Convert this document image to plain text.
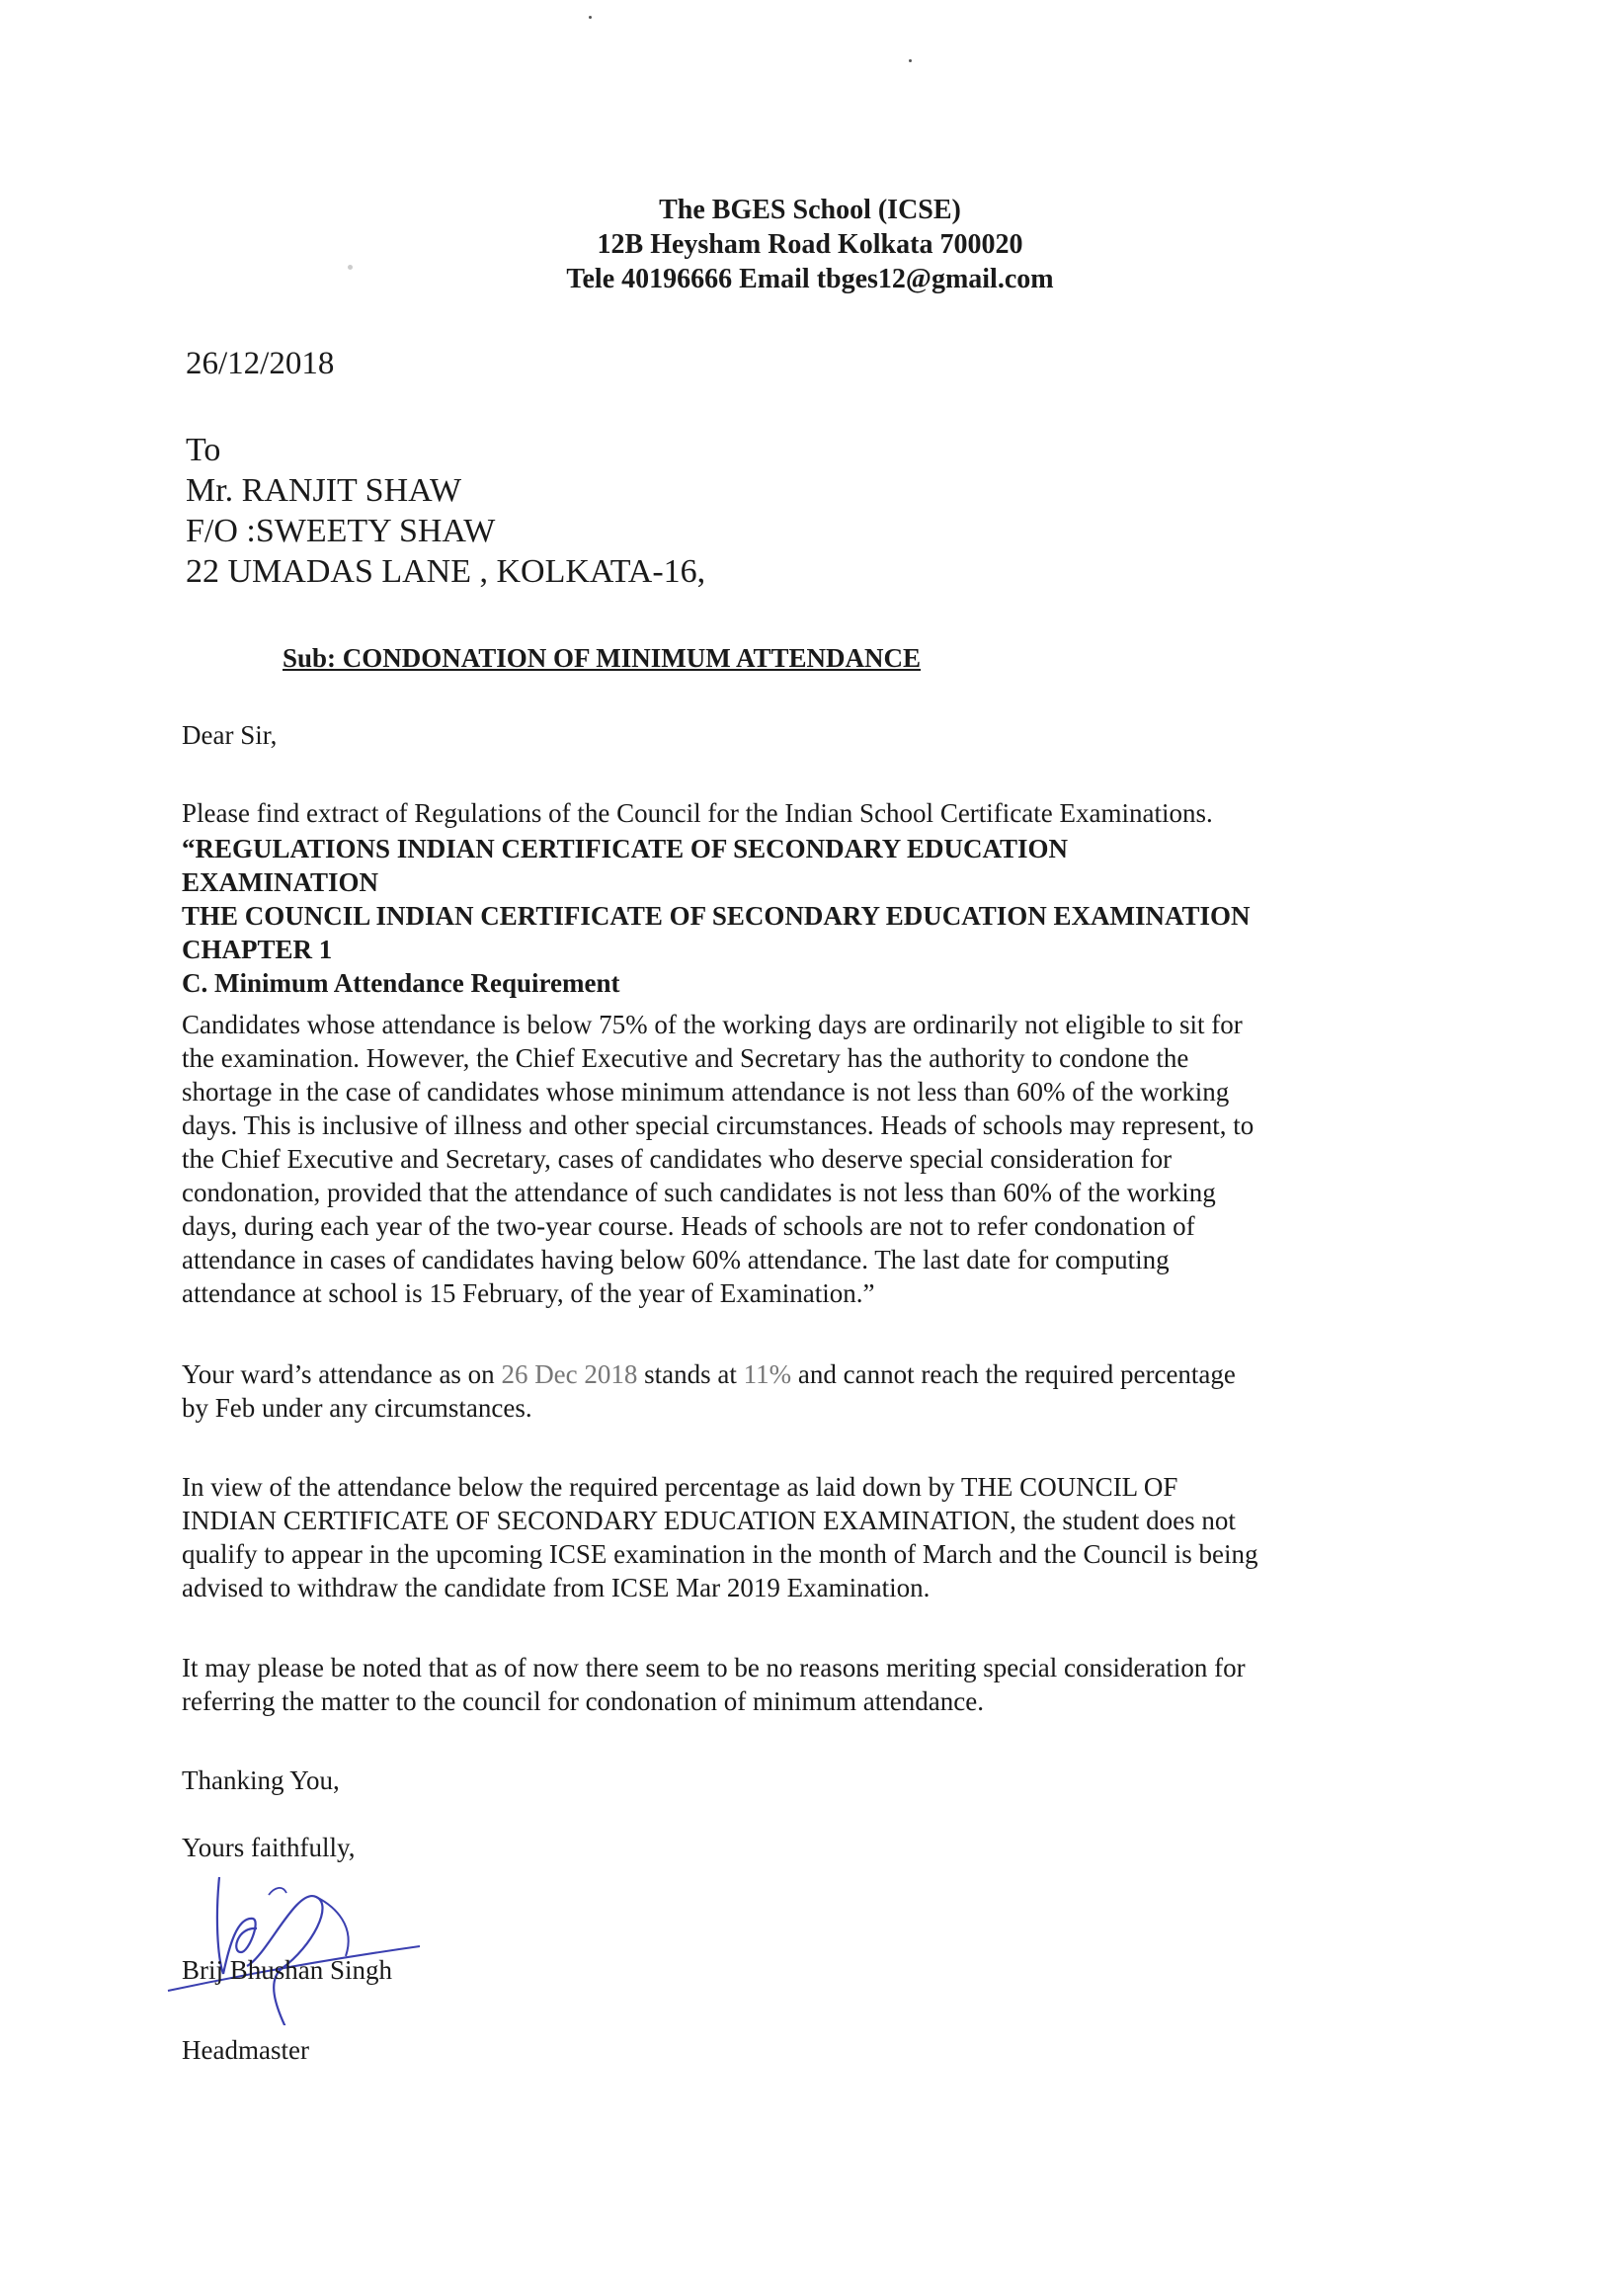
The BGES School (ICSE)
12B Heysham Road Kolkata 700020
Tele 40196666 Email tbges12@gmail.com
26/12/2018
To
Mr. RANJIT SHAW
F/O :SWEETY SHAW
22 UMADAS LANE , KOLKATA-16,
Sub: CONDONATION OF MINIMUM ATTENDANCE
Dear Sir,
Please find extract of Regulations of the Council for the Indian School Certificate Examinations.
“REGULATIONS INDIAN CERTIFICATE OF SECONDARY EDUCATION
EXAMINATION
THE COUNCIL INDIAN CERTIFICATE OF SECONDARY EDUCATION EXAMINATION
CHAPTER 1
C. Minimum Attendance Requirement
Candidates whose attendance is below 75% of the working days are ordinarily not eligible to sit for
the examination. However, the Chief Executive and Secretary has the authority to condone the
shortage in the case of candidates whose minimum attendance is not less than 60% of the working
days. This is inclusive of illness and other special circumstances. Heads of schools may represent, to
the Chief Executive and Secretary, cases of candidates who deserve special consideration for
condonation, provided that the attendance of such candidates is not less than 60% of the working
days, during each year of the two-year course. Heads of schools are not to refer condonation of
attendance in cases of candidates having below 60% attendance. The last date for computing
attendance at school is 15 February, of the year of Examination.”
Your ward’s attendance as on 26 Dec 2018 stands at 11% and cannot reach the required percentage
by Feb under any circumstances.
In view of the attendance below the required percentage as laid down by THE COUNCIL OF
INDIAN CERTIFICATE OF SECONDARY EDUCATION EXAMINATION, the student does not
qualify to appear in the upcoming ICSE examination in the month of March and the Council is being
advised to withdraw the candidate from ICSE Mar 2019 Examination.
It may please be noted that as of now there seem to be no reasons meriting special consideration for
referring the matter to the council for condonation of minimum attendance.
Thanking You,
Yours faithfully,
Brij Bhushan Singh
Headmaster
